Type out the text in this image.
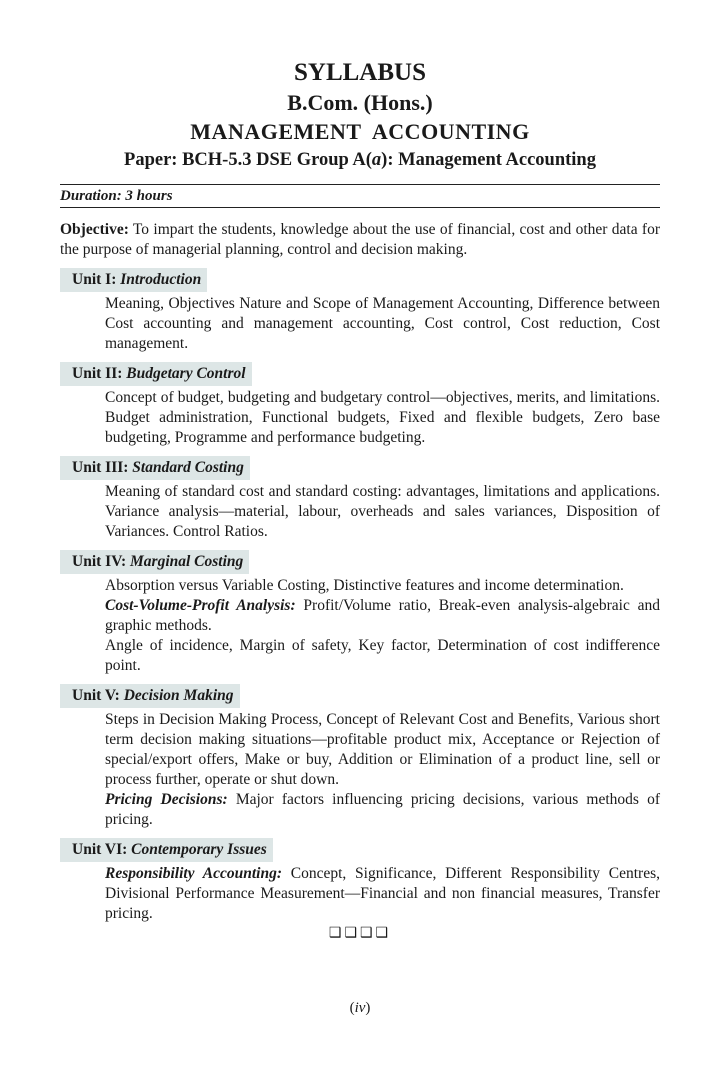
SYLLABUS
B.Com. (Hons.)
MANAGEMENT  ACCOUNTING
Paper: BCH-5.3 DSE Group A(a): Management Accounting
Duration: 3 hours
Objective: To impart the students, knowledge about the use of financial, cost and other data for the purpose of managerial planning, control and decision making.
Unit I: Introduction

Meaning, Objectives Nature and Scope of Management Accounting, Difference between Cost accounting and management accounting, Cost control, Cost reduction, Cost management.

Unit II: Budgetary Control

Concept of budget, budgeting and budgetary control—objectives, merits, and limitations. Budget administration, Functional budgets, Fixed and flexible budgets, Zero base budgeting, Programme and performance budgeting.

Unit III: Standard Costing

Meaning of standard cost and standard costing: advantages, limitations and applications. Variance analysis—material, labour, overheads and sales variances, Disposition of Variances. Control Ratios.

Unit IV: Marginal Costing

Absorption versus Variable Costing, Distinctive features and income determination.

Cost-Volume-Profit Analysis: Profit/Volume ratio, Break-even analysis-algebraic and graphic methods.

Angle of incidence, Margin of safety, Key factor, Determination of cost indifference point.

Unit V: Decision Making

Steps in Decision Making Process, Concept of Relevant Cost and Benefits, Various short term decision making situations—profitable product mix, Acceptance or Rejection of special/export offers, Make or buy, Addition or Elimination of a product line, sell or process further, operate or shut down.

Pricing Decisions: Major factors influencing pricing decisions, various methods of pricing.

Unit VI: Contemporary Issues

Responsibility Accounting: Concept, Significance, Different Responsibility Centres, Divisional Performance Measurement—Financial and non financial measures, Transfer pricing.

❑❑❑❑
(iv)
